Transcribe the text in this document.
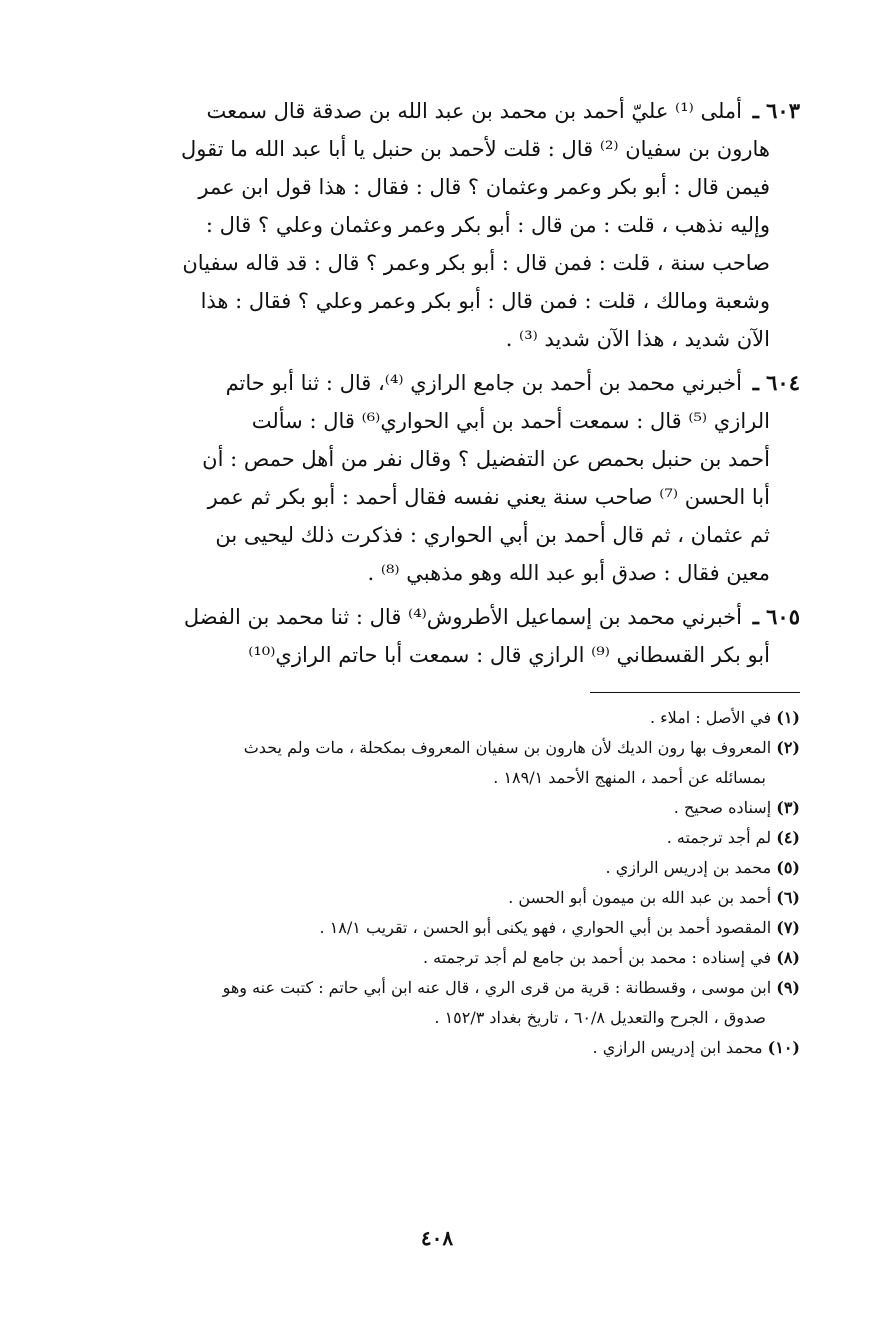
٦٠٣ ـ أملى ⁽¹⁾ عليّ أحمد بن محمد بن عبد الله بن صدقة قال سمعت
هارون بن سفيان ⁽²⁾ قال : قلت لأحمد بن حنبل يا أبا عبد الله ما تقول
فيمن قال : أبو بكر وعمر وعثمان ؟ قال : فقال : هذا قول ابن عمر
وإليه نذهب ، قلت : من قال : أبو بكر وعمر وعثمان وعلي ؟ قال :
صاحب سنة ، قلت : فمن قال : أبو بكر وعمر ؟ قال : قد قاله سفيان
وشعبة ومالك ، قلت : فمن قال : أبو بكر وعمر وعلي ؟ فقال : هذا
الآن شديد ، هذا الآن شديد ⁽³⁾ .
٦٠٤ ـ أخبرني محمد بن أحمد بن جامع الرازي ⁽⁴⁾، قال : ثنا أبو حاتم
الرازي ⁽⁵⁾ قال : سمعت أحمد بن أبي الحواري⁽⁶⁾ قال : سألت
أحمد بن حنبل بحمص عن التفضيل ؟ وقال نفر من أهل حمص : أن
أبا الحسن ⁽⁷⁾ صاحب سنة يعني نفسه فقال أحمد : أبو بكر ثم عمر
ثم عثمان ، ثم قال أحمد بن أبي الحواري : فذكرت ذلك ليحيى بن
معين فقال : صدق أبو عبد الله وهو مذهبي ⁽⁸⁾ .
٦٠٥ ـ أخبرني محمد بن إسماعيل الأطروش⁽⁴⁾ قال : ثنا محمد بن الفضل
أبو بكر القسطاني ⁽⁹⁾ الرازي قال : سمعت أبا حاتم الرازي⁽¹⁰⁾
(١) في الأصل : املاء .
(٢) المعروف بها رون الديك لأن هارون بن سفيان المعروف بمكحلة ، مات ولم يحدث
بمسائله عن أحمد ، المنهج الأحمد ١٨٩/١ .
(٣) إسناده صحيح .
(٤) لم أجد ترجمته .
(٥) محمد بن إدريس الرازي .
(٦) أحمد بن عبد الله بن ميمون أبو الحسن .
(٧) المقصود أحمد بن أبي الحواري ، فهو يكنى أبو الحسن ، تقريب ١٨/١ .
(٨) في إسناده : محمد بن أحمد بن جامع لم أجد ترجمته .
(٩) ابن موسى ، وقسطانة : قرية من قرى الري ، قال عنه ابن أبي حاتم : كتبت عنه وهو
صدوق ، الجرح والتعديل ٦٠/٨ ، تاريخ بغداد ١٥٢/٣ .
(١٠) محمد ابن إدريس الرازي .
٤٠٨
